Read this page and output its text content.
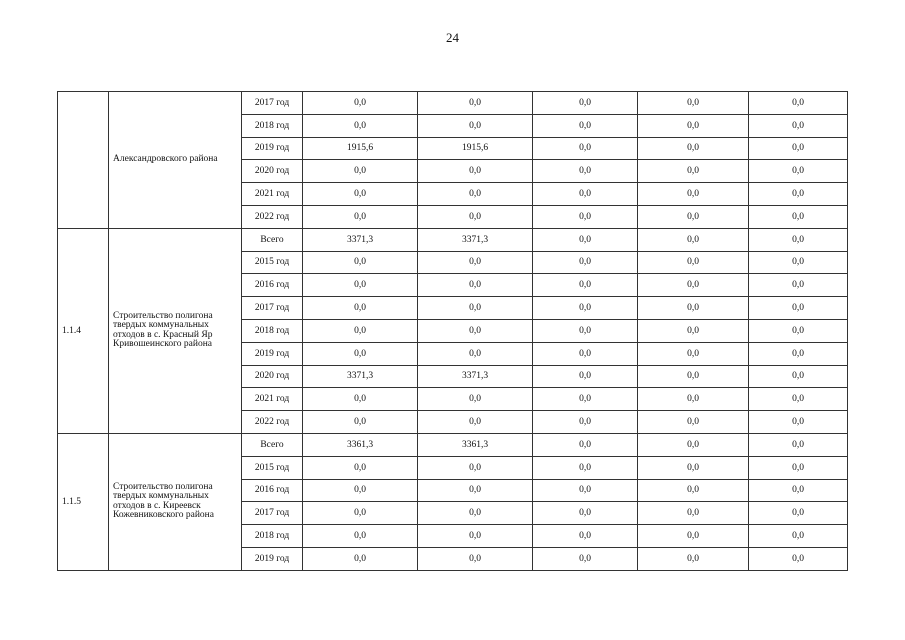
24
	Александровского района	2017 год	0,0	0,0	0,0	0,0	0,0
		2018 год	0,0	0,0	0,0	0,0	0,0
		2019 год	1915,6	1915,6	0,0	0,0	0,0
		2020 год	0,0	0,0	0,0	0,0	0,0
		2021 год	0,0	0,0	0,0	0,0	0,0
		2022 год	0,0	0,0	0,0	0,0	0,0
1.1.4	Строительство полигона твердых коммунальных отходов в с. Красный Яр Кривошеинского района	Всего	3371,3	3371,3	0,0	0,0	0,0
		2015 год	0,0	0,0	0,0	0,0	0,0
		2016 год	0,0	0,0	0,0	0,0	0,0
		2017 год	0,0	0,0	0,0	0,0	0,0
		2018 год	0,0	0,0	0,0	0,0	0,0
		2019 год	0,0	0,0	0,0	0,0	0,0
		2020 год	3371,3	3371,3	0,0	0,0	0,0
		2021 год	0,0	0,0	0,0	0,0	0,0
		2022 год	0,0	0,0	0,0	0,0	0,0
1.1.5	Строительство полигона твердых коммунальных отходов в с. Киреевск Кожевниковского района	Всего	3361,3	3361,3	0,0	0,0	0,0
		2015 год	0,0	0,0	0,0	0,0	0,0
		2016 год	0,0	0,0	0,0	0,0	0,0
		2017 год	0,0	0,0	0,0	0,0	0,0
		2018 год	0,0	0,0	0,0	0,0	0,0
		2019 год	0,0	0,0	0,0	0,0	0,0
